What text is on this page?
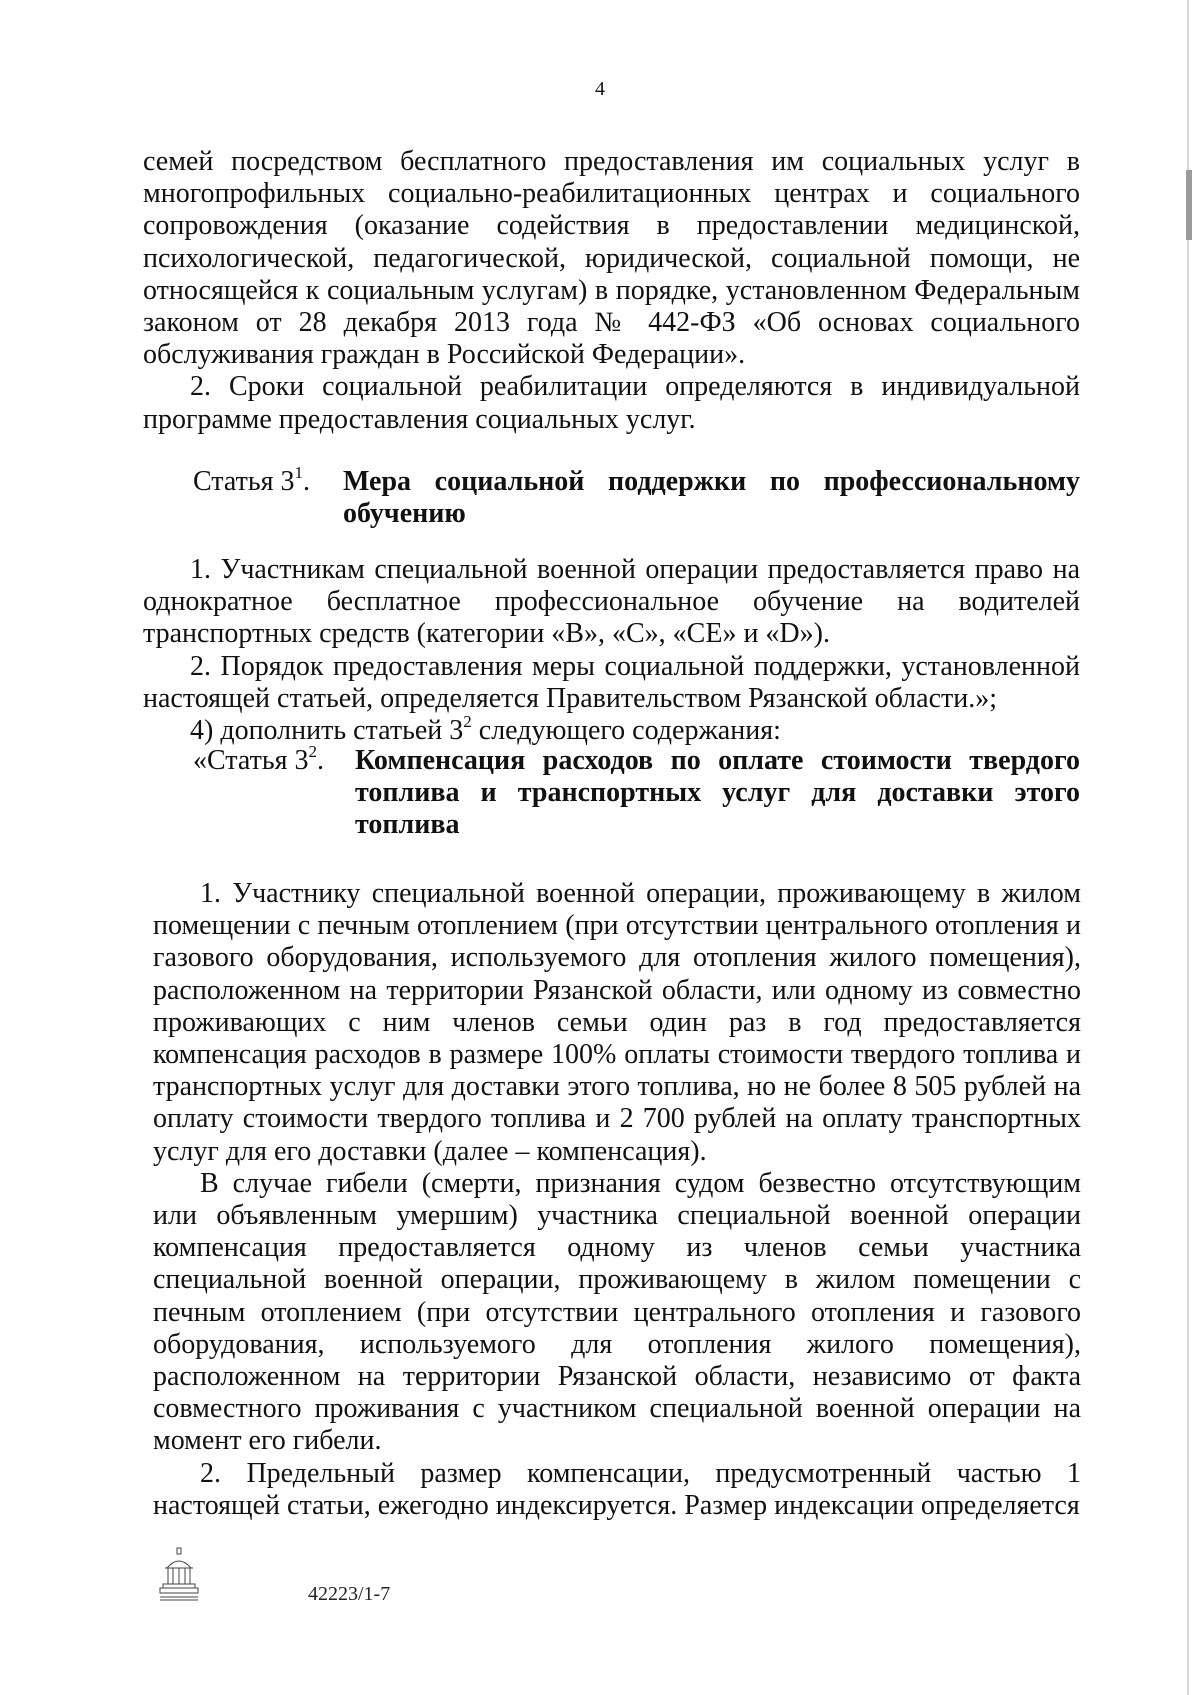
4

семей посредством бесплатного предоставления им социальных услуг в многопрофильных социально-реабилитационных центрах и социального сопровождения (оказание содействия в предоставлении медицинской, психологической, педагогической, юридической, социальной помощи, не относящейся к социальным услугам) в порядке, установленном Федеральным законом от 28 декабря 2013 года № 442-ФЗ «Об основах социального обслуживания граждан в Российской Федерации».

2. Сроки социальной реабилитации определяются в индивидуальной программе предоставления социальных услуг.

Статья $3^1$. Мера социальной поддержки по профессиональному обучению

1. Участникам специальной военной операции предоставляется право на однократное бесплатное профессиональное обучение на водителей транспортных средств (категории «В», «С», «СЕ» и «D»).

2. Порядок предоставления меры социальной поддержки, установленной настоящей статьей, определяется Правительством Рязанской области.»;

4) дополнить статьей $3^2$ следующего содержания:

«Статья $3^2$. Компенсация расходов по оплате стоимости твердого топлива и транспортных услуг для доставки этого топлива

1. Участнику специальной военной операции, проживающему в жилом помещении с печным отоплением (при отсутствии центрального отопления и газового оборудования, используемого для отопления жилого помещения), расположенном на территории Рязанской области, или одному из совместно проживающих с ним членов семьи один раз в год предоставляется компенсация расходов в размере 100% оплаты стоимости твердого топлива и транспортных услуг для доставки этого топлива, но не более 8 505 рублей на оплату стоимости твердого топлива и 2 700 рублей на оплату транспортных услуг для его доставки (далее – компенсация).

В случае гибели (смерти, признания судом безвестно отсутствующим или объявленным умершим) участника специальной военной операции компенсация предоставляется одному из членов семьи участника специальной военной операции, проживающему в жилом помещении с печным отоплением (при отсутствии центрального отопления и газового оборудования, используемого для отопления жилого помещения), расположенном на территории Рязанской области, независимо от факта совместного проживания с участником специальной военной операции на момент его гибели.

2. Предельный размер компенсации, предусмотренный частью 1 настоящей статьи, ежегодно индексируется. Размер индексации определяется

42223/1-7
